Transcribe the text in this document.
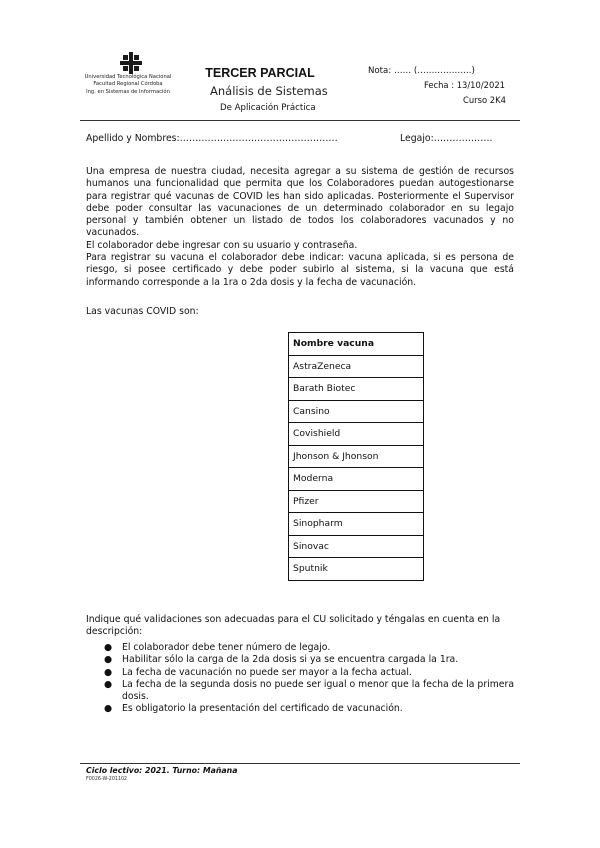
Universidad Tecnológica Nacional
Facultad Regional Córdoba
Ing. en Sistemas de Información
TERCER PARCIAL
Análisis de Sistemas
De Aplicación Práctica
Nota: …… (……………….)
Fecha : 13/10/2021
Curso 2K4
Apellido y Nombres:……………………………………………	Legajo:……………….

Una empresa de nuestra ciudad, necesita agregar a su sistema de gestión de recursos humanos una funcionalidad que permita que los Colaboradores puedan autogestionarse para registrar qué vacunas de COVID les han sido aplicadas. Posteriormente el Supervisor debe poder consultar las vacunaciones de un determinado colaborador en su legajo personal y también obtener un listado de todos los colaboradores vacunados y no vacunados.

El colaborador debe ingresar con su usuario y contraseña.

Para registrar su vacuna el colaborador debe indicar: vacuna aplicada, si es persona de riesgo, si posee certificado y debe poder subirlo al sistema, si la vacuna que está informando corresponde a la 1ra o 2da dosis y la fecha de vacunación.

Las vacunas COVID son:
Nombre vacuna
AstraZeneca
Barath Biotec
Cansino
Covishield
Jhonson & Jhonson
Moderna
Pfizer
Sinopharm
Sinovac
Sputnik
Indique qué validaciones son adecuadas para el CU solicitado y téngalas en cuenta en la descripción:
● El colaborador debe tener número de legajo.
● Habilitar sólo la carga de la 2da dosis si ya se encuentra cargada la 1ra.
● La fecha de vacunación no puede ser mayor a la fecha actual.
● La fecha de la segunda dosis no puede ser igual o menor que la fecha de la primera dosis.
● Es obligatorio la presentación del certificado de vacunación.
Ciclo lectivo: 2021. Turno: Mañana
F0026-W-201102
